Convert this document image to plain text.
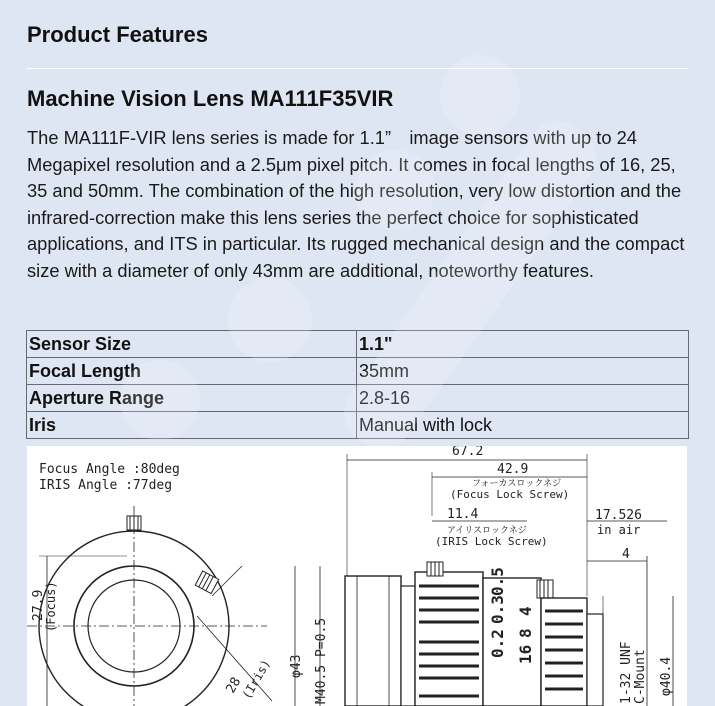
Product Features
Machine Vision Lens MA111F35VIR

The MA111F-VIR lens series is made for 1.1”　image sensors with up to 24 Megapixel resolution and a 2.5μm pixel pitch. It comes in focal lengths of 16, 25, 35 and 50mm. The combination of the high resolution, very low distortion and the infrared-correction make this lens series the perfect choice for sophisticated applications, and ITS in particular. Its rugged mechanical design and the compact size with a diameter of only 43mm are additional, noteworthy features.

Sensor Size	1.1"
Focal Length	35mm
Aperture Range	2.8-16
Iris	Manual with lock
Focus Angle :80deg
IRIS Angle :77deg
27.9
(Focus)
28
(Iris) φ43 M40.5 P=0.5
67.2
42.9
フォーカスロックネジ
(Focus Lock Screw)
11.4
アイリスロックネジ
(IRIS Lock Screw)
17.526
in air
4
0.2
0.3
0.5
16
8
4
1-32 UNF C-Mount φ40.4
